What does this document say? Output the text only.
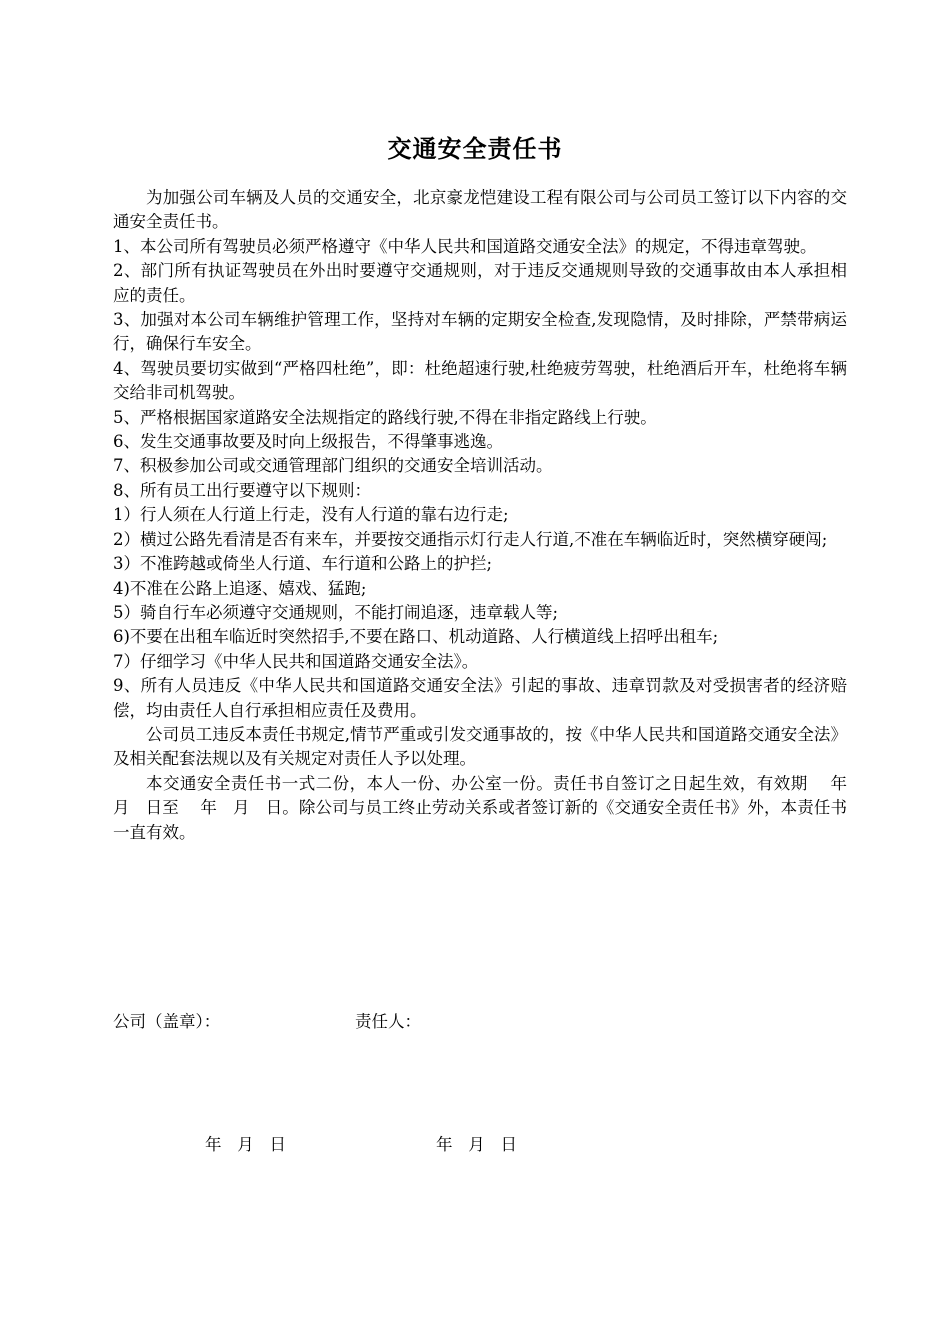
交通安全责任书

为加强公司车辆及人员的交通安全，北京豪龙恺建设工程有限公司与公司员工签订以下内容的交通安全责任书。

1、本公司所有驾驶员必须严格遵守《中华人民共和国道路交通安全法》的规定，不得违章驾驶。

2、部门所有执证驾驶员在外出时要遵守交通规则，对于违反交通规则导致的交通事故由本人承担相应的责任。

3、加强对本公司车辆维护管理工作，坚持对车辆的定期安全检查,发现隐情，及时排除，严禁带病运行，确保行车安全。

4、驾驶员要切实做到“严格四杜绝”，即：杜绝超速行驶,杜绝疲劳驾驶，杜绝酒后开车，杜绝将车辆交给非司机驾驶。

5、严格根据国家道路安全法规指定的路线行驶,不得在非指定路线上行驶。

6、发生交通事故要及时向上级报告，不得肇事逃逸。

7、积极参加公司或交通管理部门组织的交通安全培训活动。

8、所有员工出行要遵守以下规则：

1）行人须在人行道上行走，没有人行道的靠右边行走;

2）横过公路先看清是否有来车，并要按交通指示灯行走人行道,不准在车辆临近时，突然横穿硬闯;

3）不准跨越或倚坐人行道、车行道和公路上的护拦;

4)不准在公路上追逐、嬉戏、猛跑;

5）骑自行车必须遵守交通规则，不能打闹追逐，违章载人等;

6)不要在出租车临近时突然招手,不要在路口、机动道路、人行横道线上招呼出租车;

7）仔细学习《中华人民共和国道路交通安全法》。

9、所有人员违反《中华人民共和国道路交通安全法》引起的事故、违章罚款及对受损害者的经济赔偿，均由责任人自行承担相应责任及费用。

公司员工违反本责任书规定,情节严重或引发交通事故的，按《中华人民共和国道路交通安全法》及相关配套法规以及有关规定对责任人予以处理。

本交通安全责任书一式二份，本人一份、办公室一份。责任书自签订之日起生效，有效期    年   月   日至    年   月   日。除公司与员工终止劳动关系或者签订新的《交通安全责任书》外，本责任书一直有效。

公司（盖章）：	责任人：
年   月   日	年   月   日
